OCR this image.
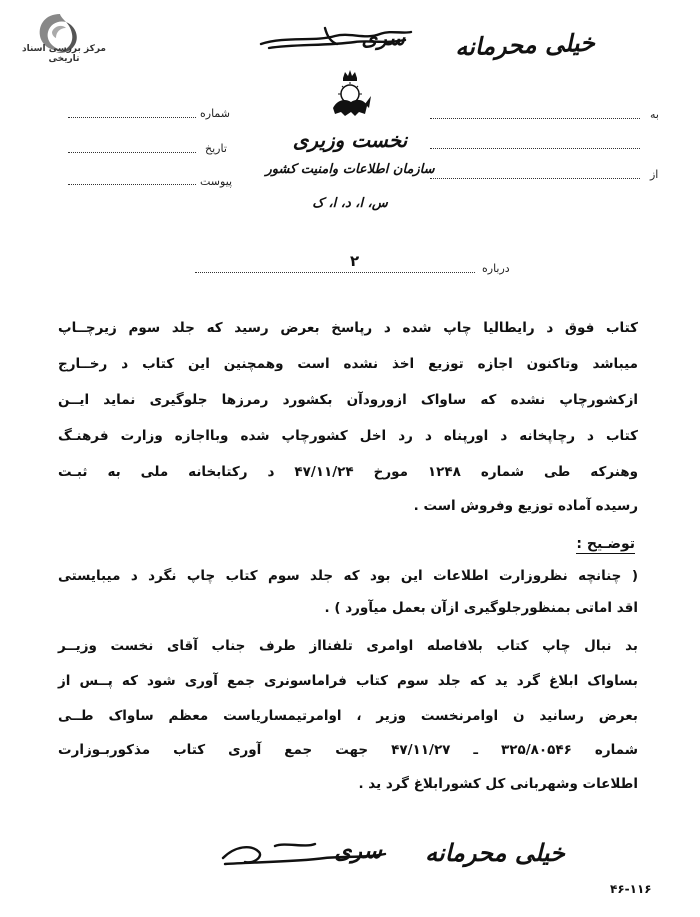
مرکز بررسی اسناد تاریخی
سری	خیلی محرمانه
شماره
تاریخ
پیوست
به
از
نخست وزیری
سازمان اطلاعات وامنیت کشور
س، ا، د، ا، ک
درباره
۲
کتاب فوق د رایطالیا چاپ شده د رپاسخ بعرض رسید که جلد سوم زیرچــاپ
میباشد وتاکنون اجازه توزیع اخذ نشده است وهمچنین این کتاب د رخــارج
ازکشورچاپ نشده که ساواک ازورودآن بکشورد رمرزها جلوگیری نماید ایــن
کتاب د رچاپخانه د اورپناه د رد اخل کشورچاپ شده وبااجازه وزارت فرهنـگ
وهنرکه طی شماره ۱۲۴۸ مورخ ۴۷/۱۱/۲۴ د رکتابخانه ملی به ثبـت
رسیده آماده توزیع وفروش است .
توضـیح :
( چنانچه نظروزارت اطلاعات این بود که جلد سوم کتاب چاپ نگرد د میبایستی
اقد اماتی بمنظورجلوگیری ازآن بعمل میآورد ) .
بد نبال چاپ کتاب بلافاصله اوامری تلفنااز طرف جناب آقای نخست وزیــر
بساواک ابلاغ گرد ید که جلد سوم کتاب فراماسونری جمع آوری شود که پــس از
بعرض رسانید ن اوامرنخست وزیر ، اوامرتیمساریاست معظم ساواک طــی
شماره ۳۲۵/۸۰۵۴۶ ـ ۴۷/۱۱/۲۷ جهت جمع آوری کتاب مذکوربـوزارت
اطلاعات وشهربانی کل کشورابلاغ گرد ید .
سری	خیلی محرمانه
۴۶-۱۱۶
